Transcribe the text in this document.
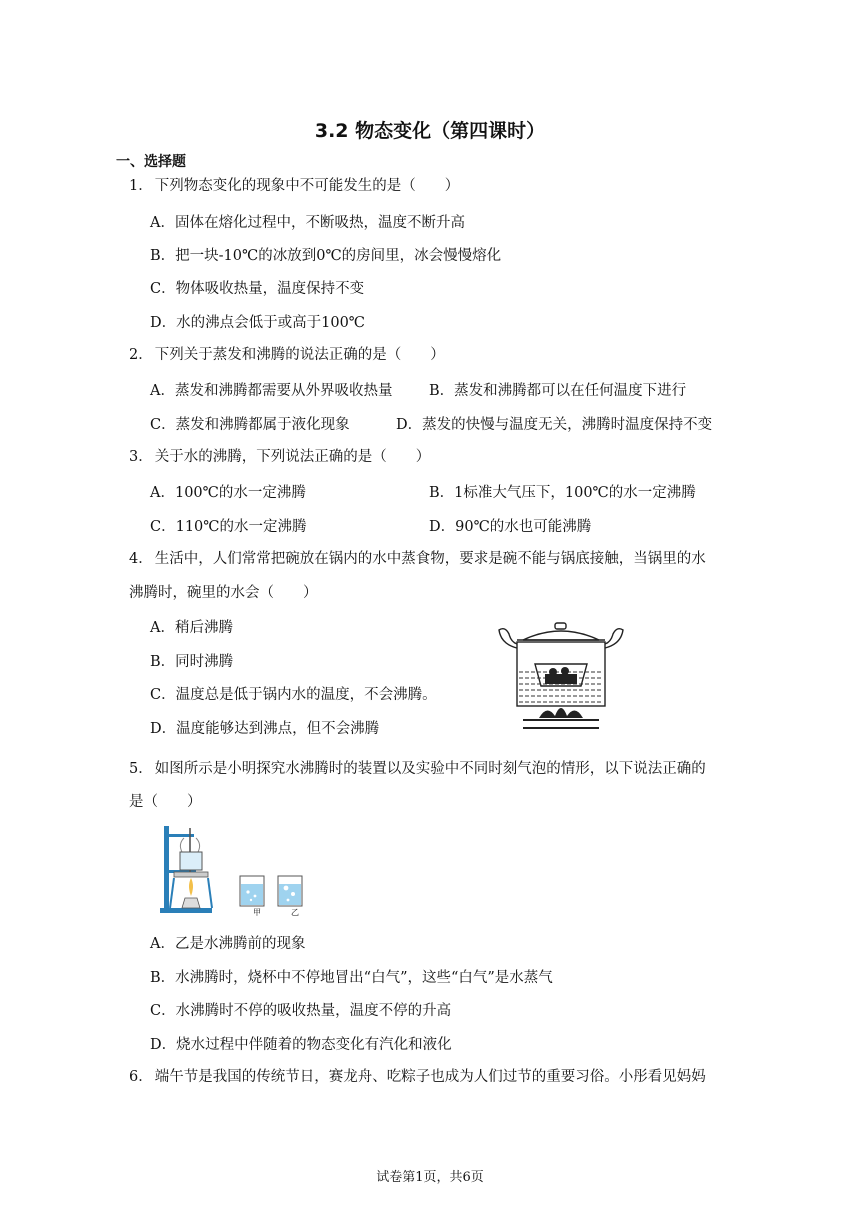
3.2 物态变化（第四课时）
一、选择题
1． 下列物态变化的现象中不可能发生的是（　　）
A．固体在熔化过程中，不断吸热，温度不断升高
B．把一块-10℃的冰放到0℃的房间里，冰会慢慢熔化
C．物体吸收热量，温度保持不变
D．水的沸点会低于或高于100℃
2． 下列关于蒸发和沸腾的说法正确的是（　　）
A．蒸发和沸腾都需要从外界吸收热量	B．蒸发和沸腾都可以在任何温度下进行
C．蒸发和沸腾都属于液化现象	D．蒸发的快慢与温度无关，沸腾时温度保持不变
3． 关于水的沸腾，下列说法正确的是（　　）
A．100℃的水一定沸腾	B．1标准大气压下，100℃的水一定沸腾
C．110℃的水一定沸腾	D．90℃的水也可能沸腾
4． 生活中，人们常常把碗放在锅内的水中蒸食物，要求是碗不能与锅底接触，当锅里的水
沸腾时，碗里的水会（　　）
A．稍后沸腾
B．同时沸腾
C．温度总是低于锅内水的温度，不会沸腾。
D．温度能够达到沸点，但不会沸腾
5． 如图所示是小明探究水沸腾时的装置以及实验中不同时刻气泡的情形，以下说法正确的
是（　　）
甲	乙
A．乙是水沸腾前的现象
B．水沸腾时，烧杯中不停地冒出“白气”，这些“白气”是水蒸气
C．水沸腾时不停的吸收热量，温度不停的升高
D．烧水过程中伴随着的物态变化有汽化和液化
6． 端午节是我国的传统节日，赛龙舟、吃粽子也成为人们过节的重要习俗。小彤看见妈妈
试卷第1页，共6页
